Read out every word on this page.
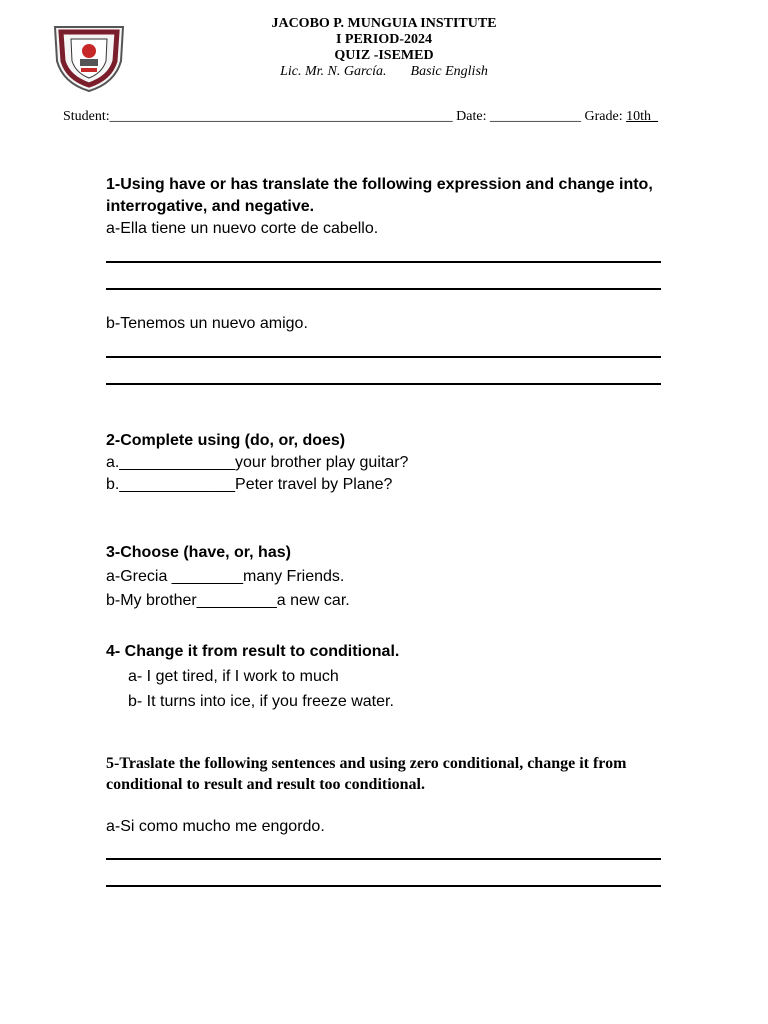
JACOBO P. MUNGUIA INSTITUTE
I PERIOD-2024
QUIZ -ISEMED
Lic. Mr. N. García. Basic English
Student:_________________________________________________ Date: _____________ Grade: 10th_
1-Using have or has translate the following expression and change into, interrogative, and negative.
a-Ella tiene un nuevo corte de cabello.
b-Tenemos un nuevo amigo.
2-Complete using (do, or, does)
a._____________your brother play guitar?
b._____________Peter travel by Plane?
3-Choose (have, or, has)
a-Grecia ________many Friends.
b-My brother_________a new car.
4- Change it from result to conditional.
a- I get tired, if I work to much
b- It turns into ice, if you freeze water.
5-Traslate the following sentences and using zero conditional, change it from conditional to result and result too conditional.
a-Si como mucho me engordo.
